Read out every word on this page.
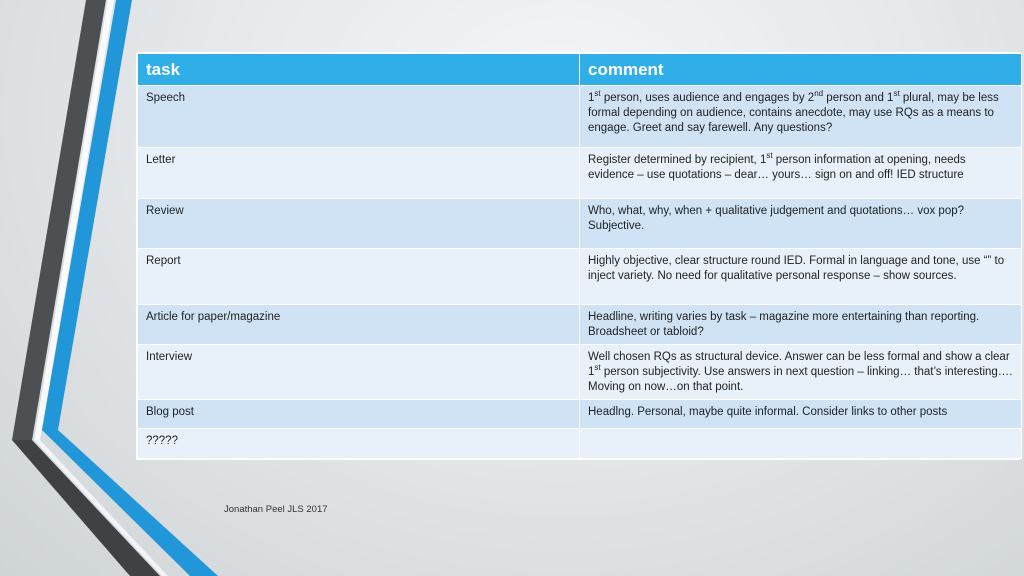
task	comment
Speech	1st person, uses audience and engages by 2nd person and 1st plural, may be less formal depending on audience, contains anecdote, may use RQs as a means to engage. Greet and say farewell. Any questions?
Letter	Register determined by recipient, 1st person information at opening, needs evidence – use quotations – dear… yours… sign on and off! IED structure
Review	Who, what, why, when + qualitative judgement and quotations… vox pop? Subjective.
Report	Highly objective, clear structure round IED. Formal in language and tone, use “” to inject variety. No need for qualitative personal response – show sources.
Article for paper/magazine	Headline, writing varies by task – magazine more entertaining than reporting. Broadsheet or tabloid?
Interview	Well chosen RQs as structural device. Answer can be less formal and show a clear 1st person subjectivity. Use answers in next question – linking… that’s interesting…. Moving on now…on that point.
Blog post	Headlng. Personal, maybe quite informal. Consider links to other posts
?????	
Jonathan Peel JLS 2017
